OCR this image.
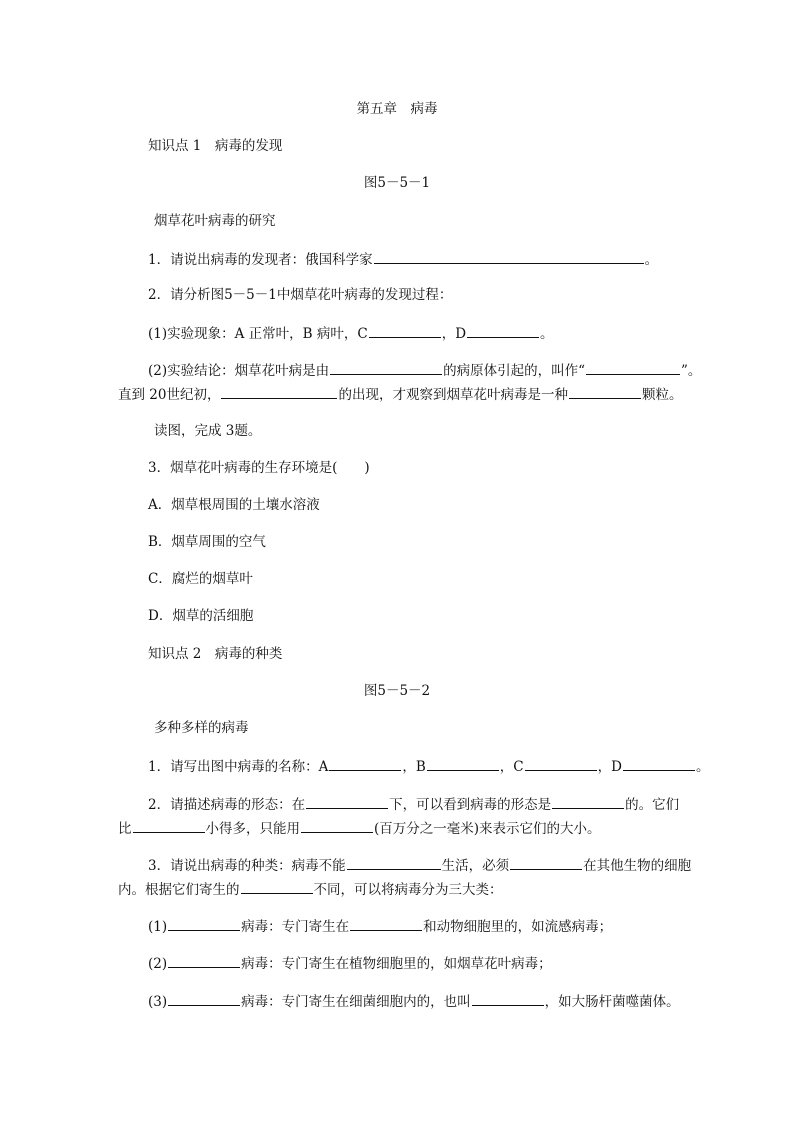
第五章　病毒
知识点 1　病毒的发现
图5－5－1
烟草花叶病毒的研究
1．请说出病毒的发现者：俄国科学家	。
2．请分析图5－5－1中烟草花叶病毒的发现过程：
(1)实验现象：A 正常叶，B 病叶，C	，D	。
(2)实验结论：烟草花叶病是由	的病原体引起的，叫作“	”。
直到 20世纪初，	的出现，才观察到烟草花叶病毒是一种	颗粒。
读图，完成 3题。
3．烟草花叶病毒的生存环境是(　　)
A．烟草根周围的土壤水溶液
B．烟草周围的空气
C．腐烂的烟草叶
D．烟草的活细胞
知识点 2　病毒的种类
图5－5－2
多种多样的病毒
1．请写出图中病毒的名称：A	，B	，C	，D	。
2．请描述病毒的形态：在	下，可以看到病毒的形态是	的。它们
比	小得多，只能用	(百万分之一毫米)来表示它们的大小。
3．请说出病毒的种类：病毒不能	生活，必须	在其他生物的细胞
内。根据它们寄生的	不同，可以将病毒分为三大类：
(1)	病毒：专门寄生在	和动物细胞里的，如流感病毒；
(2)	病毒：专门寄生在植物细胞里的，如烟草花叶病毒；
(3)	病毒：专门寄生在细菌细胞内的，也叫	，如大肠杆菌噬菌体。
